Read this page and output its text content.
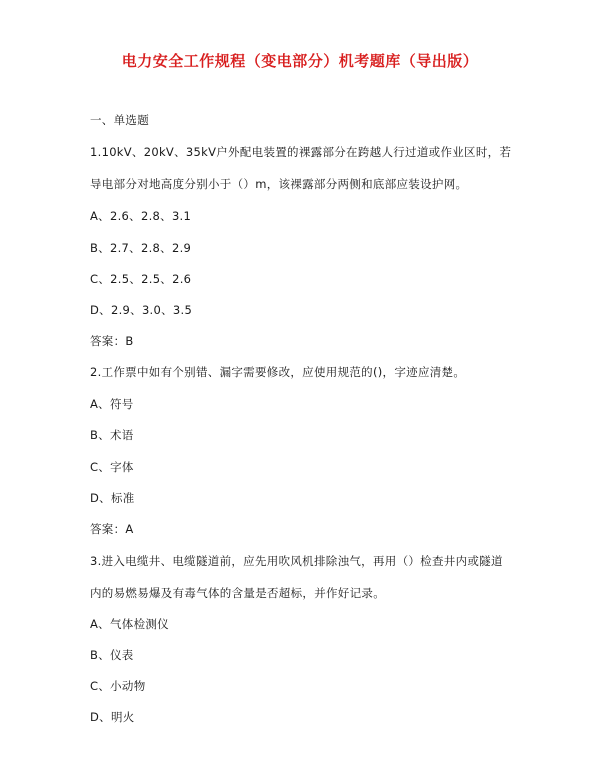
电力安全工作规程（变电部分）机考题库（导出版）
一、单选题
1.10kV、20kV、35kV户外配电装置的裸露部分在跨越人行过道或作业区时，若
导电部分对地高度分别小于（）m，该裸露部分两侧和底部应装设护网。
A、2.6、2.8、3.1
B、2.7、2.8、2.9
C、2.5、2.5、2.6
D、2.9、3.0、3.5
答案：B
2.工作票中如有个别错、漏字需要修改，应使用规范的()，字迹应清楚。
A、符号
B、术语
C、字体
D、标准
答案：A
3.进入电缆井、电缆隧道前，应先用吹风机排除浊气，再用（）检查井内或隧道
内的易燃易爆及有毒气体的含量是否超标，并作好记录。
A、气体检测仪
B、仪表
C、小动物
D、明火
